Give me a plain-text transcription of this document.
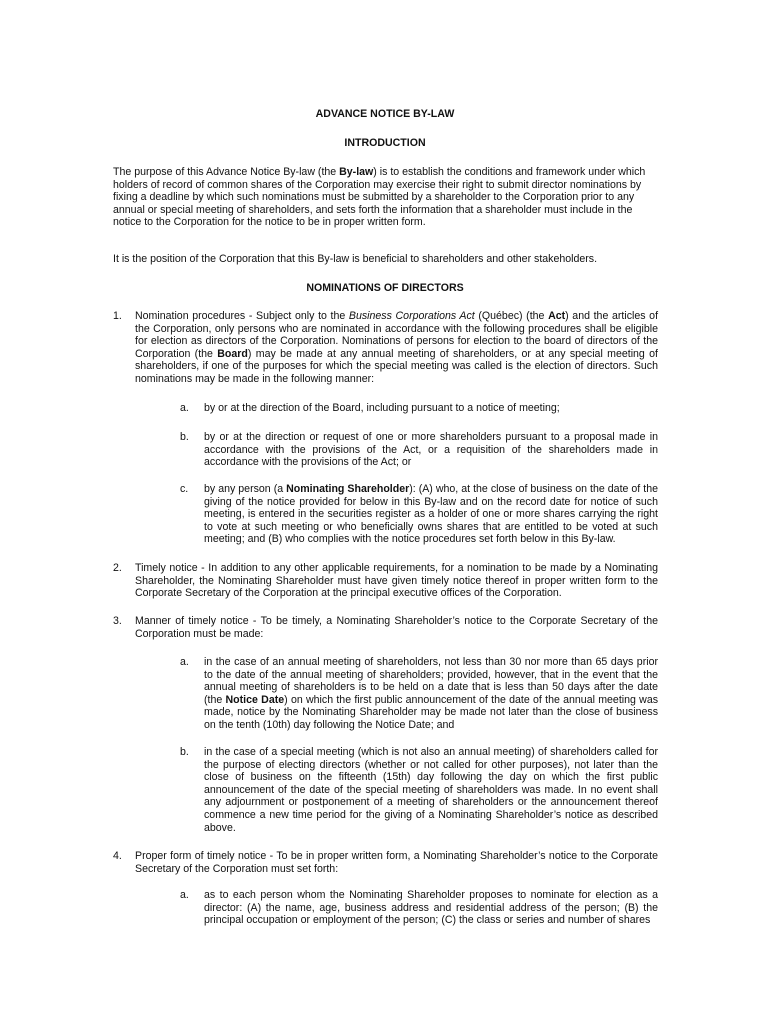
ADVANCE NOTICE BY-LAW
INTRODUCTION
The purpose of this Advance Notice By-law (the By-law) is to establish the conditions and framework under which holders of record of common shares of the Corporation may exercise their right to submit director nominations by fixing a deadline by which such nominations must be submitted by a shareholder to the Corporation prior to any annual or special meeting of shareholders, and sets forth the information that a shareholder must include in the notice to the Corporation for the notice to be in proper written form.
It is the position of the Corporation that this By-law is beneficial to shareholders and other stakeholders.
NOMINATIONS OF DIRECTORS
1.	Nomination procedures - Subject only to the Business Corporations Act (Québec) (the Act) and the articles of the Corporation, only persons who are nominated in accordance with the following procedures shall be eligible for election as directors of the Corporation. Nominations of persons for election to the board of directors of the Corporation (the Board) may be made at any annual meeting of shareholders, or at any special meeting of shareholders, if one of the purposes for which the special meeting was called is the election of directors. Such nominations may be made in the following manner:
a.	by or at the direction of the Board, including pursuant to a notice of meeting;
b.	by or at the direction or request of one or more shareholders pursuant to a proposal made in accordance with the provisions of the Act, or a requisition of the shareholders made in accordance with the provisions of the Act; or
c.	by any person (a Nominating Shareholder): (A) who, at the close of business on the date of the giving of the notice provided for below in this By-law and on the record date for notice of such meeting, is entered in the securities register as a holder of one or more shares carrying the right to vote at such meeting or who beneficially owns shares that are entitled to be voted at such meeting; and (B) who complies with the notice procedures set forth below in this By-law.
2.	Timely notice - In addition to any other applicable requirements, for a nomination to be made by a Nominating Shareholder, the Nominating Shareholder must have given timely notice thereof in proper written form to the Corporate Secretary of the Corporation at the principal executive offices of the Corporation.
3.	Manner of timely notice - To be timely, a Nominating Shareholder’s notice to the Corporate Secretary of the Corporation must be made:
a.	in the case of an annual meeting of shareholders, not less than 30 nor more than 65 days prior to the date of the annual meeting of shareholders; provided, however, that in the event that the annual meeting of shareholders is to be held on a date that is less than 50 days after the date (the Notice Date) on which the first public announcement of the date of the annual meeting was made, notice by the Nominating Shareholder may be made not later than the close of business on the tenth (10th) day following the Notice Date; and
b.	in the case of a special meeting (which is not also an annual meeting) of shareholders called for the purpose of electing directors (whether or not called for other purposes), not later than the close of business on the fifteenth (15th) day following the day on which the first public announcement of the date of the special meeting of shareholders was made. In no event shall any adjournment or postponement of a meeting of shareholders or the announcement thereof commence a new time period for the giving of a Nominating Shareholder’s notice as described above.
4.	Proper form of timely notice - To be in proper written form, a Nominating Shareholder’s notice to the Corporate Secretary of the Corporation must set forth:
a.	as to each person whom the Nominating Shareholder proposes to nominate for election as a director: (A) the name, age, business address and residential address of the person; (B) the principal occupation or employment of the person; (C) the class or series and number of shares
